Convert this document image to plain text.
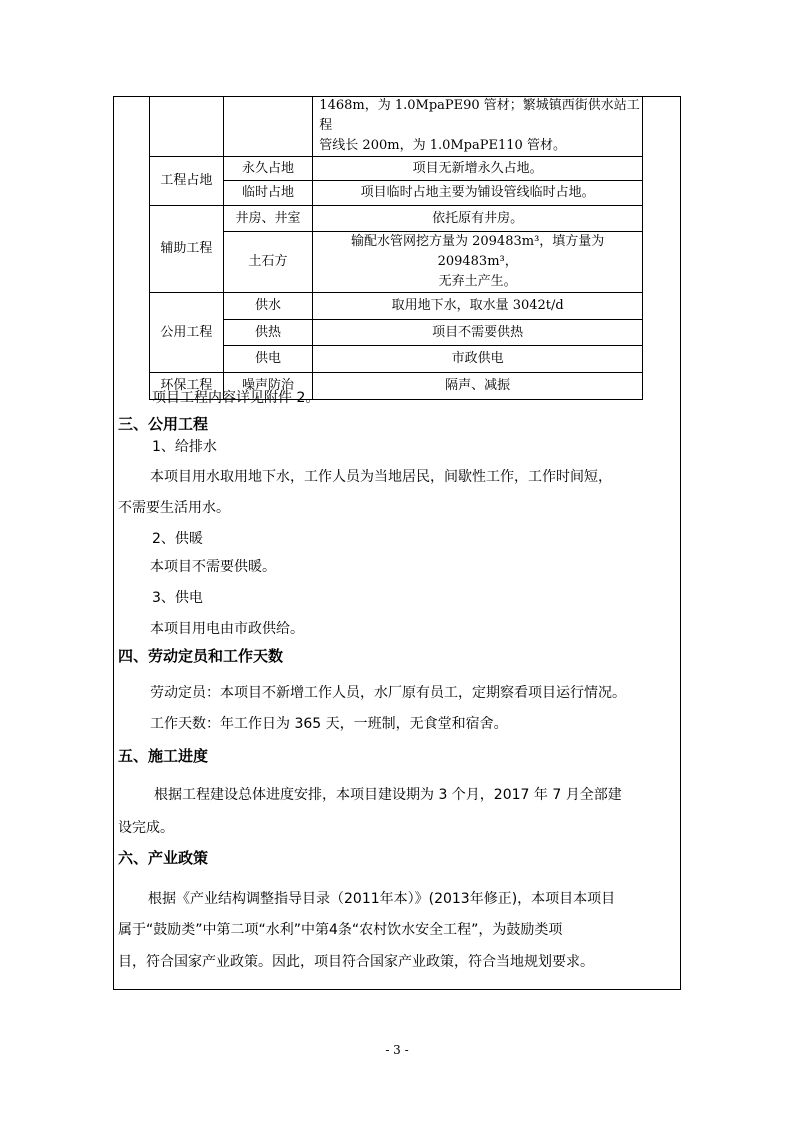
		1468m，为 1.0MpaPE90 管材；繁城镇西街供水站工程
管线长 200m，为 1.0MpaPE110 管材。

工程占地	永久占地	项目无新增永久占地。
	临时占地	项目临时占地主要为铺设管线临时占地。
辅助工程	井房、井室	依托原有井房。
	土石方	输配水管网挖方量为 209483m³，填方量为 209483m³，
无弃土产生。

公用工程	供水	取用地下水，取水量 3042t/d
	供热	项目不需要供热
	供电	市政供电
环保工程	噪声防治	隔声、减振
项目工程内容详见附件 2。
三、公用工程
1、给排水
本项目用水取用地下水，工作人员为当地居民，间歇性工作，工作时间短，
不需要生活用水。
2、供暖
本项目不需要供暖。
3、供电
本项目用电由市政供给。
四、劳动定员和工作天数
劳动定员：本项目不新增工作人员，水厂原有员工，定期察看项目运行情况。
工作天数：年工作日为 365 天，一班制，无食堂和宿舍。
五、施工进度
根据工程建设总体进度安排，本项目建设期为 3 个月，2017 年 7 月全部建
设完成。
六、产业政策
根据《产业结构调整指导目录（2011年本）》(2013年修正)，本项目本项目
属于“鼓励类”中第二项“水利”中第4条“农村饮水安全工程”，为鼓励类项
目，符合国家产业政策。因此，项目符合国家产业政策，符合当地规划要求。
- 3 -
